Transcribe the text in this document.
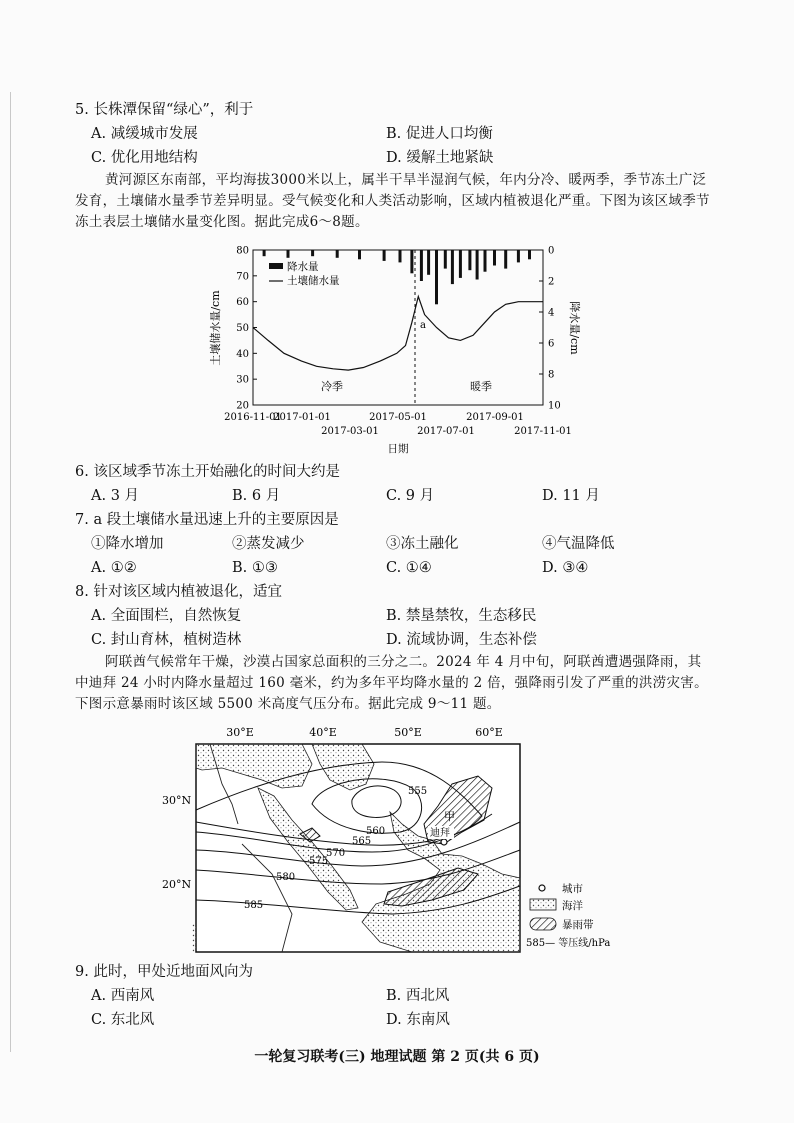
5. 长株潭保留“绿心”，利于
A. 减缓城市发展	B. 促进人口均衡
C. 优化用地结构	D. 缓解土地紧缺
黄河源区东南部，平均海拔3000米以上，属半干旱半湿润气候，年内分冷、暖两季，季节冻土广泛发育，土壤储水量季节差异明显。受气候变化和人类活动影响，区域内植被退化严重。下图为该区域季节冻土表层土壤储水量变化图。据此完成6～8题。
80
70
60
50
40
30
20
0
2
4
6
8
10
降水量
土壤储水量
冷季	暖季
a
土壤储水量/cm	降水量/cm
2016-11-01
2017-01-01	2017-05-01	2017-09-01
2017-03-01	2017-07-01	2017-11-01
日期
6. 该区域季节冻土开始融化的时间大约是
A. 3 月	B. 6 月	C. 9 月	D. 11 月
7. a 段土壤储水量迅速上升的主要原因是
①降水增加	②蒸发减少	③冻土融化	④气温降低
A. ①②	B. ①③	C. ①④	D. ③④
8. 针对该区域内植被退化，适宜
A. 全面围栏，自然恢复	B. 禁垦禁牧，生态移民
C. 封山育林，植树造林	D. 流域协调，生态补偿
阿联酋气候常年干燥，沙漠占国家总面积的三分之二。2024 年 4 月中旬，阿联酋遭遇强降雨，其中迪拜 24 小时内降水量超过 160 毫米，约为多年平均降水量的 2 倍，强降雨引发了严重的洪涝灾害。下图示意暴雨时该区域 5500 米高度气压分布。据此完成 9～11 题。
30°E	40°E	50°E	60°E
30°N
20°N
555
560
565
570
575
580
585
甲
迪拜
城市
海洋
暴雨带
585— 等压线/hPa
9. 此时，甲处近地面风向为
A. 西南风	B. 西北风
C. 东北风	D. 东南风
一轮复习联考(三) 地理试题 第 2 页(共 6 页)
